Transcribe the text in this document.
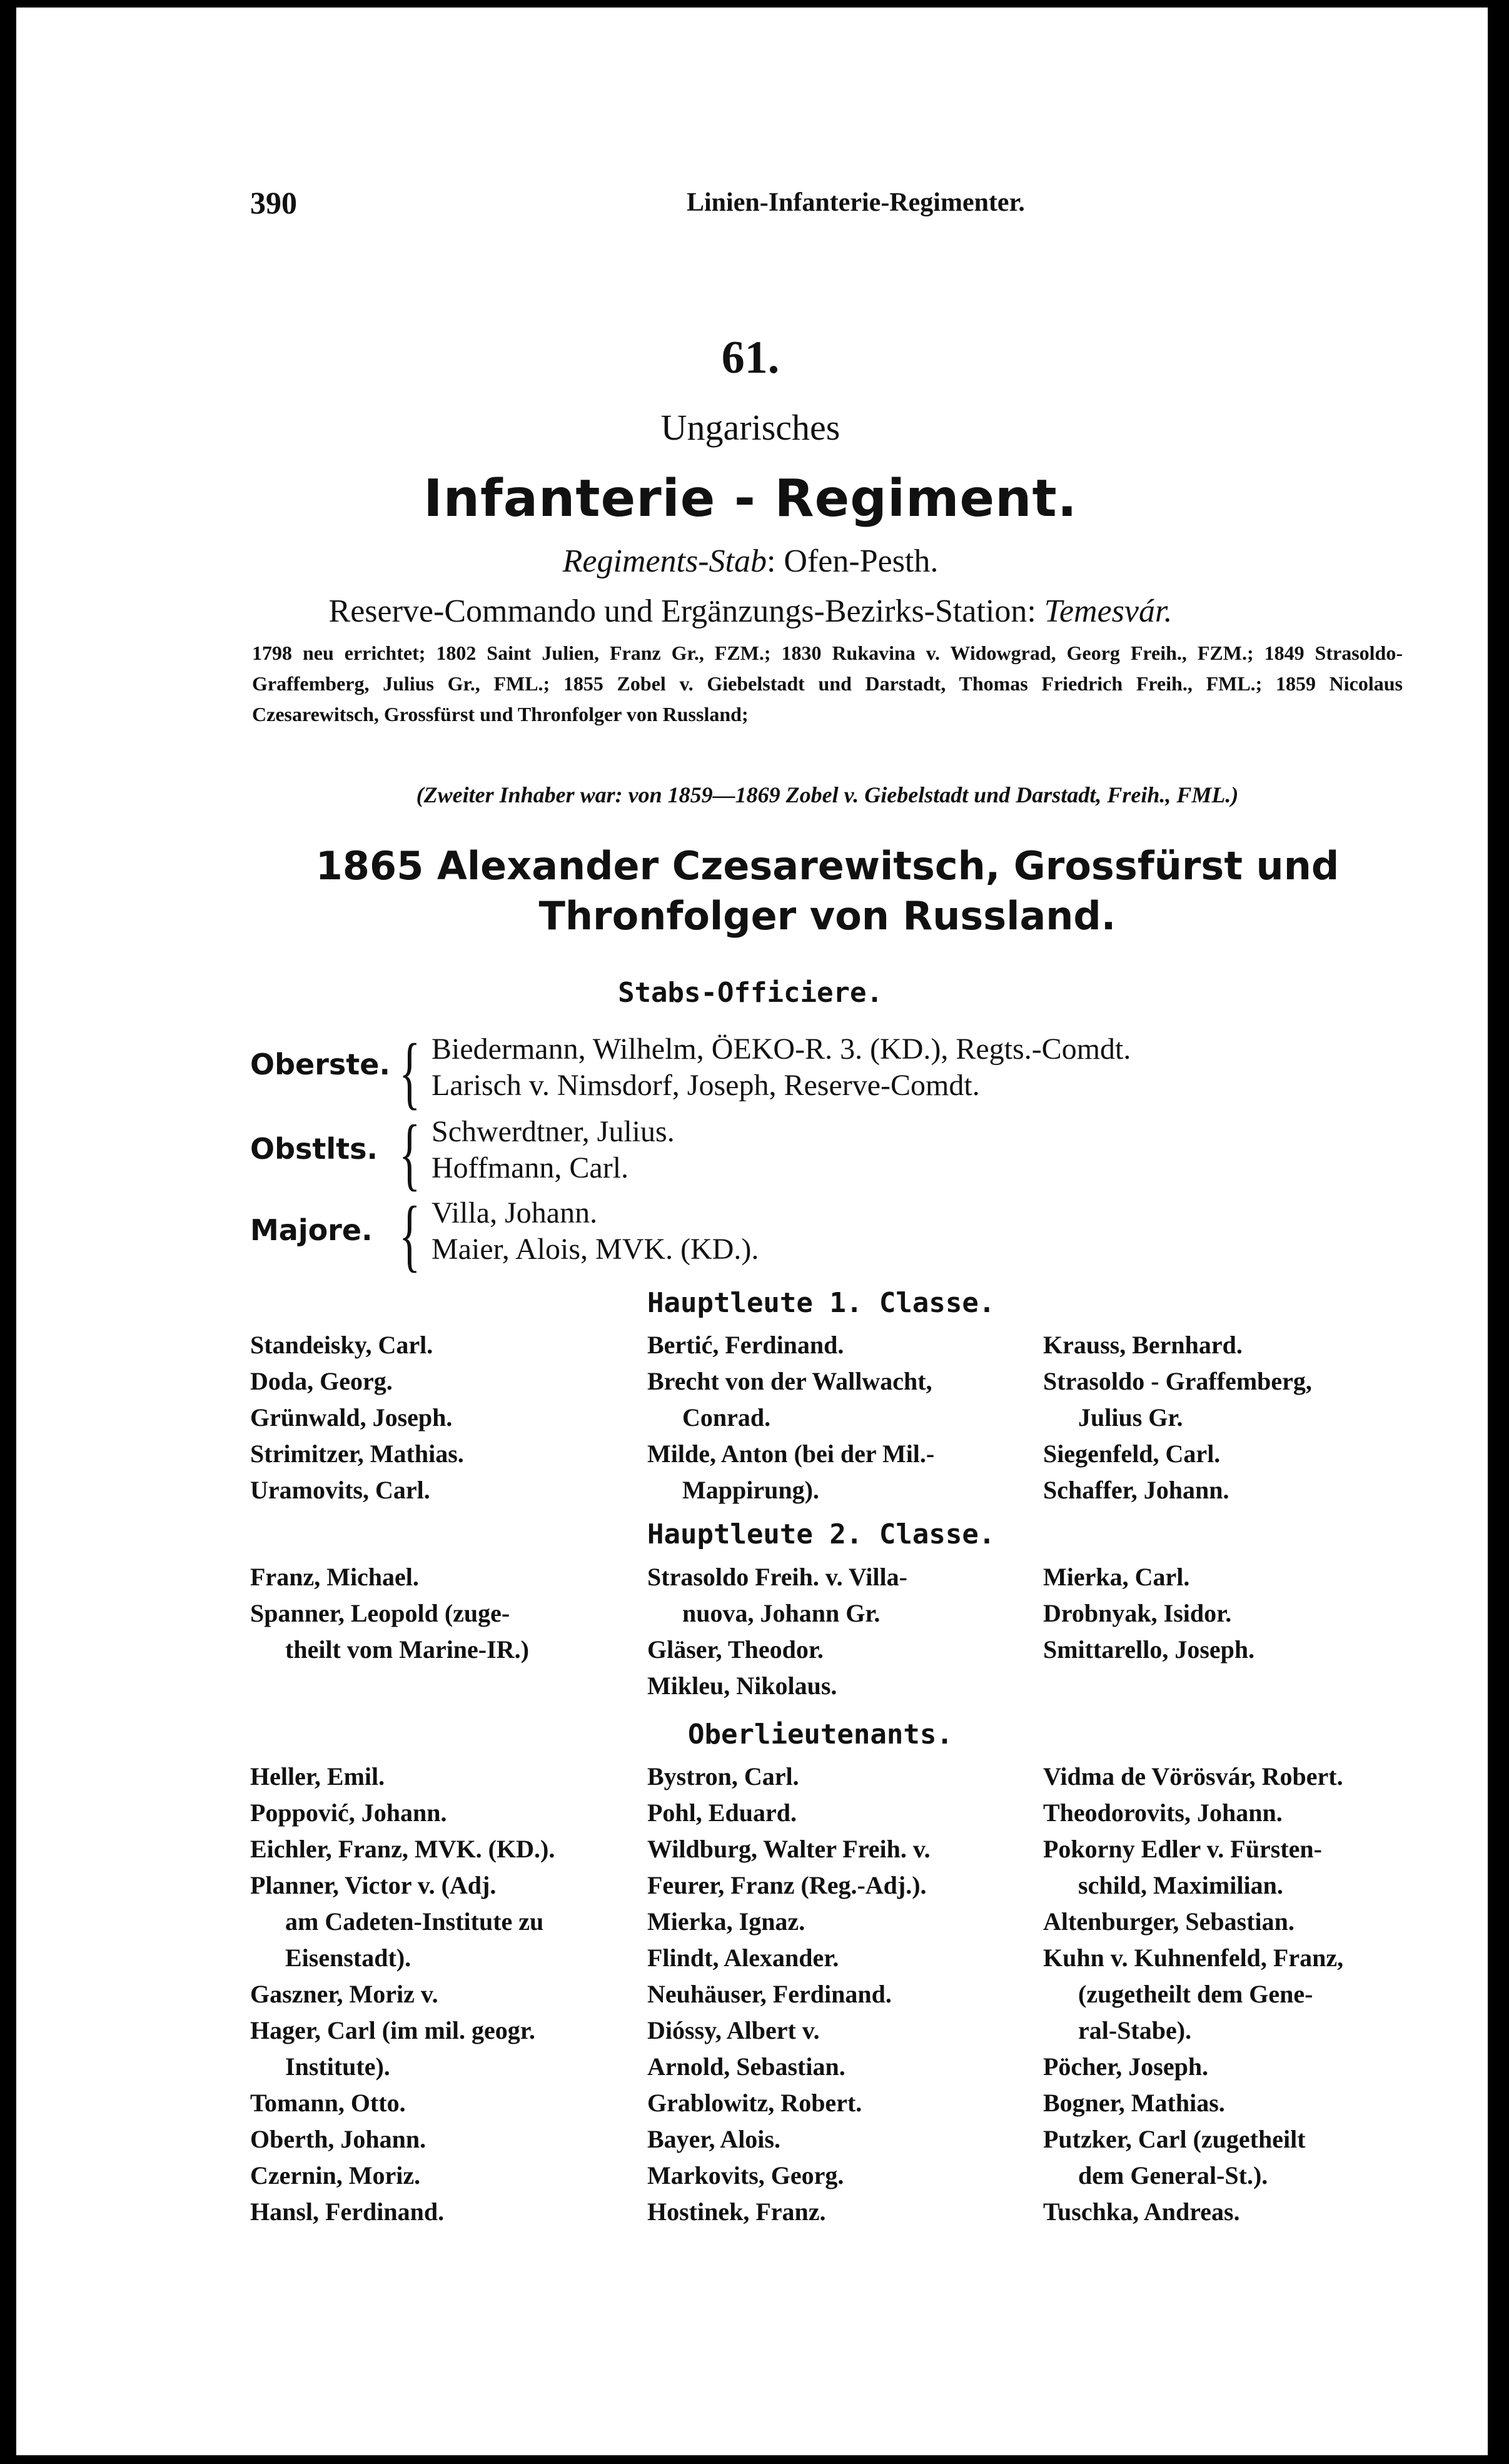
390	Linien-Infanterie-Regimenter.
61.
Ungarisches
Infanterie - Regiment.
Regiments-Stab: Ofen-Pesth.
Reserve-Commando und Ergänzungs-Bezirks-Station: Temesvár.
1798 neu errichtet; 1802 Saint Julien, Franz Gr., FZM.; 1830 Rukavina v. Widowgrad, Georg Freih., FZM.; 1849 Strasoldo-Graffemberg, Julius Gr., FML.; 1855 Zobel v. Giebelstadt und Darstadt, Thomas Friedrich Freih., FML.; 1859 Nicolaus Czesarewitsch, Grossfürst und Thronfolger von Russland;
(Zweiter Inhaber war: von 1859—1869 Zobel v. Giebelstadt und Darstadt, Freih., FML.)
1865 Alexander Czesarewitsch, Grossfürst und Thronfolger von Russland.
Stabs-Officiere.
Oberste. { Biedermann, Wilhelm, ÖEKO-R. 3. (KD.), Regts.-Comdt.
Larisch v. Nimsdorf, Joseph, Reserve-Comdt.
Obstlts. { Schwerdtner, Julius.
Hoffmann, Carl.
Majore. { Villa, Johann.
Maier, Alois, MVK. (KD.).
Hauptleute 1. Classe.
Standeisky, Carl.
Doda, Georg.
Grünwald, Joseph.
Strimitzer, Mathias.
Uramovits, Carl.
Bertić, Ferdinand.
Brecht von der Wallwacht,
Conrad.
Milde, Anton (bei der Mil.-
Mappirung).
Krauss, Bernhard.
Strasoldo - Graffemberg,
Julius Gr.
Siegenfeld, Carl.
Schaffer, Johann.
Hauptleute 2. Classe.
Franz, Michael.
Spanner, Leopold (zuge-
theilt vom Marine-IR.)
Strasoldo Freih. v. Villa-
nuova, Johann Gr.
Gläser, Theodor.
Mikleu, Nikolaus.
Mierka, Carl.
Drobnyak, Isidor.
Smittarello, Joseph.
Oberlieutenants.
Heller, Emil.
Poppović, Johann.
Eichler, Franz, MVK. (KD.).
Planner, Victor v. (Adj.
am Cadeten-Institute zu
Eisenstadt).
Gaszner, Moriz v.
Hager, Carl (im mil. geogr.
Institute).
Tomann, Otto.
Oberth, Johann.
Czernin, Moriz.
Hansl, Ferdinand.
Bystron, Carl.
Pohl, Eduard.
Wildburg, Walter Freih. v.
Feurer, Franz (Reg.-Adj.).
Mierka, Ignaz.
Flindt, Alexander.
Neuhäuser, Ferdinand.
Dióssy, Albert v.
Arnold, Sebastian.
Grablowitz, Robert.
Bayer, Alois.
Markovits, Georg.
Hostinek, Franz.
Vidma de Vörösvár, Robert.
Theodorovits, Johann.
Pokorny Edler v. Fürsten-
schild, Maximilian.
Altenburger, Sebastian.
Kuhn v. Kuhnenfeld, Franz,
(zugetheilt dem Gene-
ral-Stabe).
Pöcher, Joseph.
Bogner, Mathias.
Putzker, Carl (zugetheilt
dem General-St.).
Tuschka, Andreas.
